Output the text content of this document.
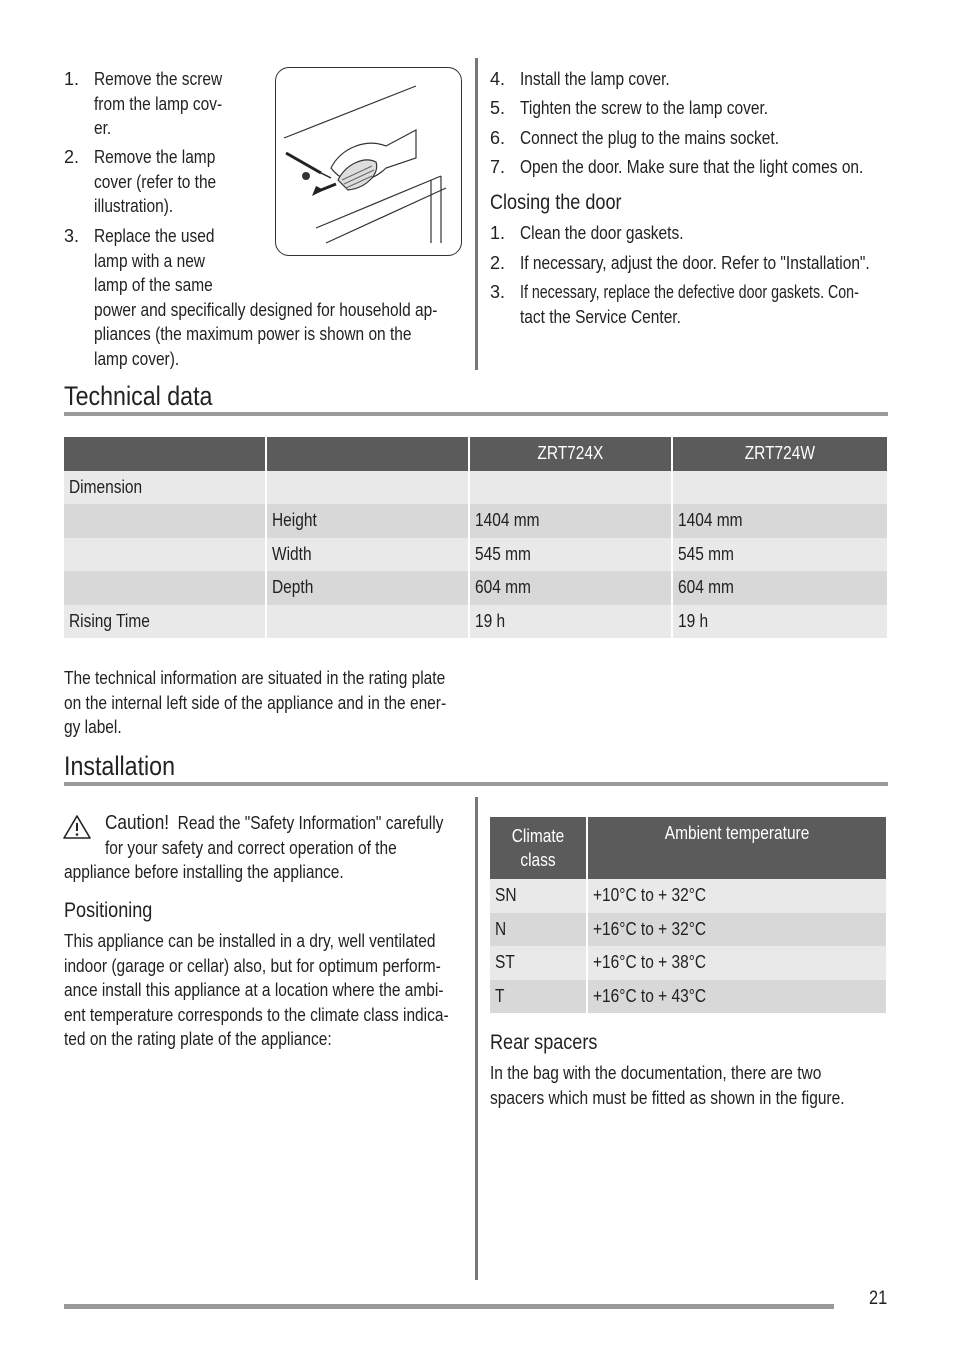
1. Remove the screw
from the lamp cov-
er.
2. Remove the lamp
cover (refer to the
illustration).
3. Replace the used
lamp with a new
lamp of the same
power and specifically designed for household ap-
pliances (the maximum power is shown on the
lamp cover).
4. Install the lamp cover.
5. Tighten the screw to the lamp cover.
6. Connect the plug to the mains socket.
7. Open the door. Make sure that the light comes on.
Closing the door
1. Clean the door gaskets.
2. If necessary, adjust the door. Refer to "Installation".
3. If necessary, replace the defective door gaskets. Con-
tact the Service Center.
Technical data
		ZRT724X	ZRT724W
Dimension			
	Height	1404 mm	1404 mm
	Width	545 mm	545 mm
	Depth	604 mm	604 mm
Rising Time		19 h	19 h
The technical information are situated in the rating plate
on the internal left side of the appliance and in the ener-
gy label.
Installation
Caution! Read the "Safety Information" carefully
for your safety and correct operation of the
appliance before installing the appliance.
Positioning
This appliance can be installed in a dry, well ventilated
indoor (garage or cellar) also, but for optimum perform-
ance install this appliance at a location where the ambi-
ent temperature corresponds to the climate class indica-
ted on the rating plate of the appliance:
Climate class	Ambient temperature
SN	+10°C to + 32°C
N	+16°C to + 32°C
ST	+16°C to + 38°C
T	+16°C to + 43°C
Rear spacers
In the bag with the documentation, there are two
spacers which must be fitted as shown in the figure.
21
